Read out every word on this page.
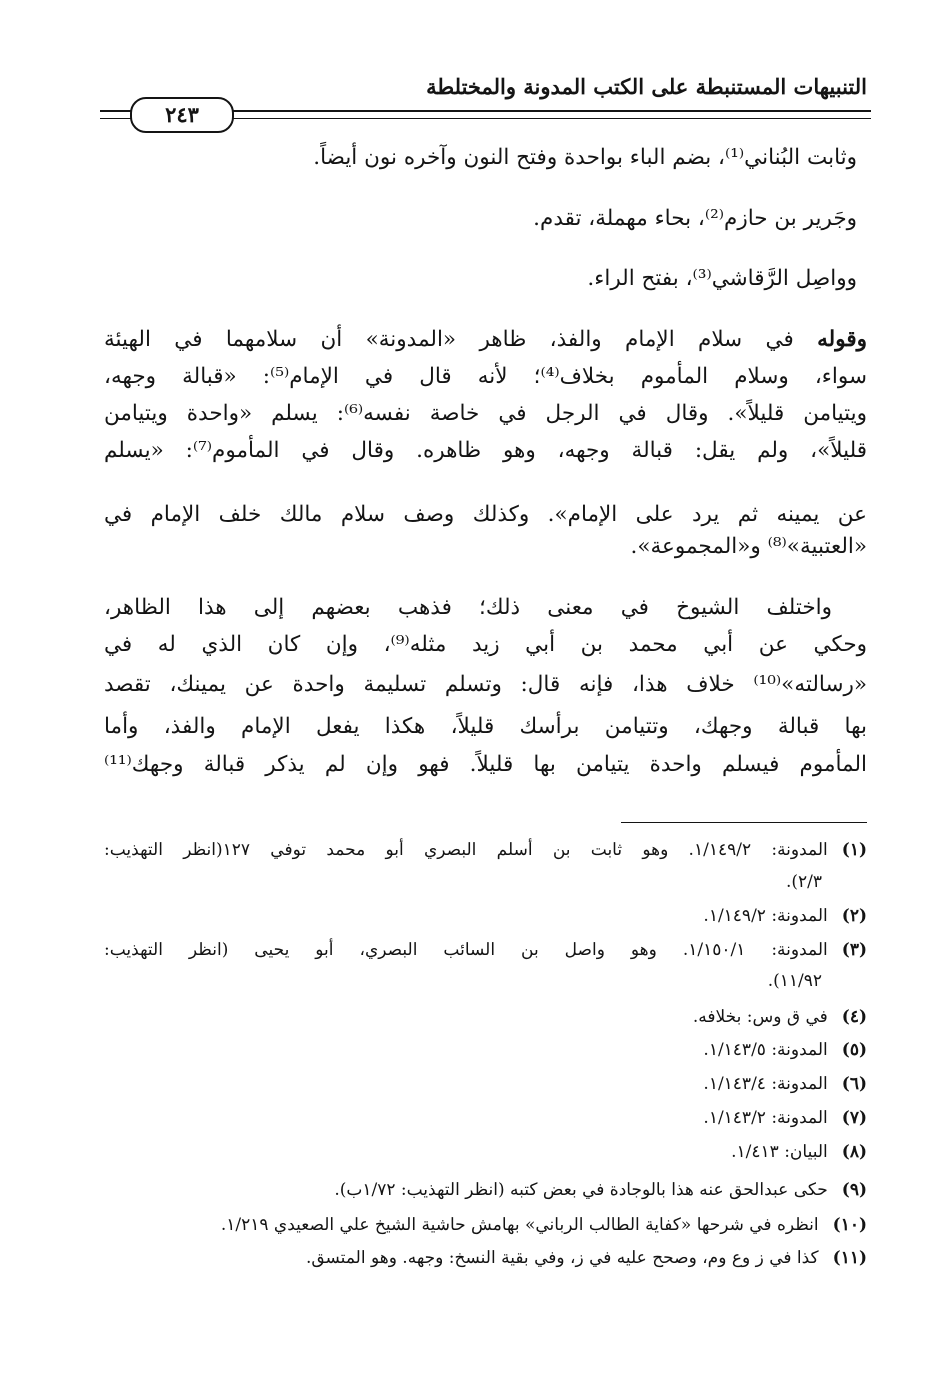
التنبيهات المستنبطة على الكتب المدونة والمختلطة
٢٤٣
وثابت البُناني⁽¹⁾، بضم الباء بواحدة وفتح النون وآخره نون أيضاً.
وجَرير بن حازم⁽²⁾، بحاء مهملة، تقدم.
وواصِل الرَّقاشي⁽³⁾، بفتح الراء.
وقوله في سلام الإمام والفذ، ظاهر «المدونة» أن سلامهما في الهيئة
سواء، وسلام المأموم بخلاف⁽⁴⁾؛ لأنه قال في الإمام⁽⁵⁾: «قبالة وجهه،
ويتيامن قليلاً». وقال في الرجل في خاصة نفسه⁽⁶⁾: يسلم «واحدة ويتيامن
قليلاً»، ولم يقل: قبالة وجهه، وهو ظاهره. وقال في المأموم⁽⁷⁾: «يسلم
عن يمينه ثم يرد على الإمام». وكذلك وصف سلام مالك خلف الإمام في
«العتبية»⁽⁸⁾ و«المجموعة».
واختلف الشيوخ في معنى ذلك؛ فذهب بعضهم إلى هذا الظاهر،
وحكي عن أبي محمد بن أبي زيد مثله⁽⁹⁾، وإن كان الذي له في
«رسالته»⁽¹⁰⁾ خلاف هذا، فإنه قال: وتسلم تسليمة واحدة عن يمينك، تقصد
بها قبالة وجهك، وتتيامن برأسك قليلاً، هكذا يفعل الإمام والفذ، وأما
المأموم فيسلم واحدة يتيامن بها قليلاً. فهو وإن لم يذكر قبالة وجهك⁽¹¹⁾
(١)المدونة: ١/١٤٩/٢. وهو ثابت بن أسلم البصري أبو محمد توفي ١٢٧(انظر التهذيب:
٢/٣).
(٢)المدونة: ١/١٤٩/٢.
(٣)المدونة: ١/١٥٠/١. وهو واصل بن السائب البصري، أبو يحيى (انظر التهذيب:
١١/٩٢).
(٤)في ق وس: بخلافه.
(٥)المدونة: ١/١٤٣/٥.
(٦)المدونة: ١/١٤٣/٤.
(٧)المدونة: ١/١٤٣/٢.
(٨)البيان: ١/٤١٣.
(٩)حكى عبدالحق عنه هذا بالوجادة في بعض كتبه (انظر التهذيب: ١/٧٢ب).
(١٠)انظره في شرحها «كفاية الطالب الرباني» بهامش حاشية الشيخ علي الصعيدي ١/٢١٩.
(١١)كذا في ز وع وم، وصحح عليه في ز، وفي بقية النسخ: وجهه. وهو المتسق.
